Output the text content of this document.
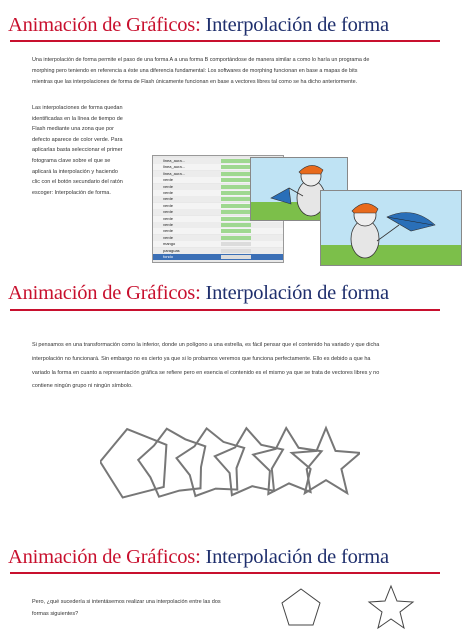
Animación de Gráficos: Interpolación de forma
Una interpolación de forma permite el paso de una forma A a una forma B comportándose de manera similar a como lo haría un programa de
morphing pero teniendo en referencia a éste una diferencia fundamental: Los softwares de morphing funcionan en base a mapas de bits
mientras que las interpolaciones de forma de Flash únicamente funcionan en base a vectores libres tal como se ha dicho anteriormente.
Las interpolaciones de forma quedan
identificadas en la línea de tiempo de
Flash mediante una zona que por
defecto aparece de color verde. Para
aplicarlas basta seleccionar el primer
fotograma clave sobre el que se
aplicará la interpolación y haciendo
clic con el botón secundario del ratón
escoger: Interpolación de forma.
linea_aura...
linea_aura...
linea_aura...
verde
verde
verde
verde
verde
verde
verde
verde
verde
verde
mango
paraguas
fondo
Animación de Gráficos: Interpolación de forma
Si pensamos en una transformación como la inferior, donde un polígono a una estrella, es fácil pensar que el contenido ha variado y que dicha
interpolación no funcionará. Sin embargo no es cierto ya que si lo probamos veremos que funciona perfectamente. Ello es debido a que ha
variado la forma en cuanto a representación gráfica se refiere pero en esencia el contenido es el mismo ya que se trata de vectores libres y no
contiene ningún grupo ni ningún símbolo.
Animación de Gráficos: Interpolación de forma
Pero, ¿qué sucedería si intentásemos realizar una interpolación entre las dos
formas siguientes?
